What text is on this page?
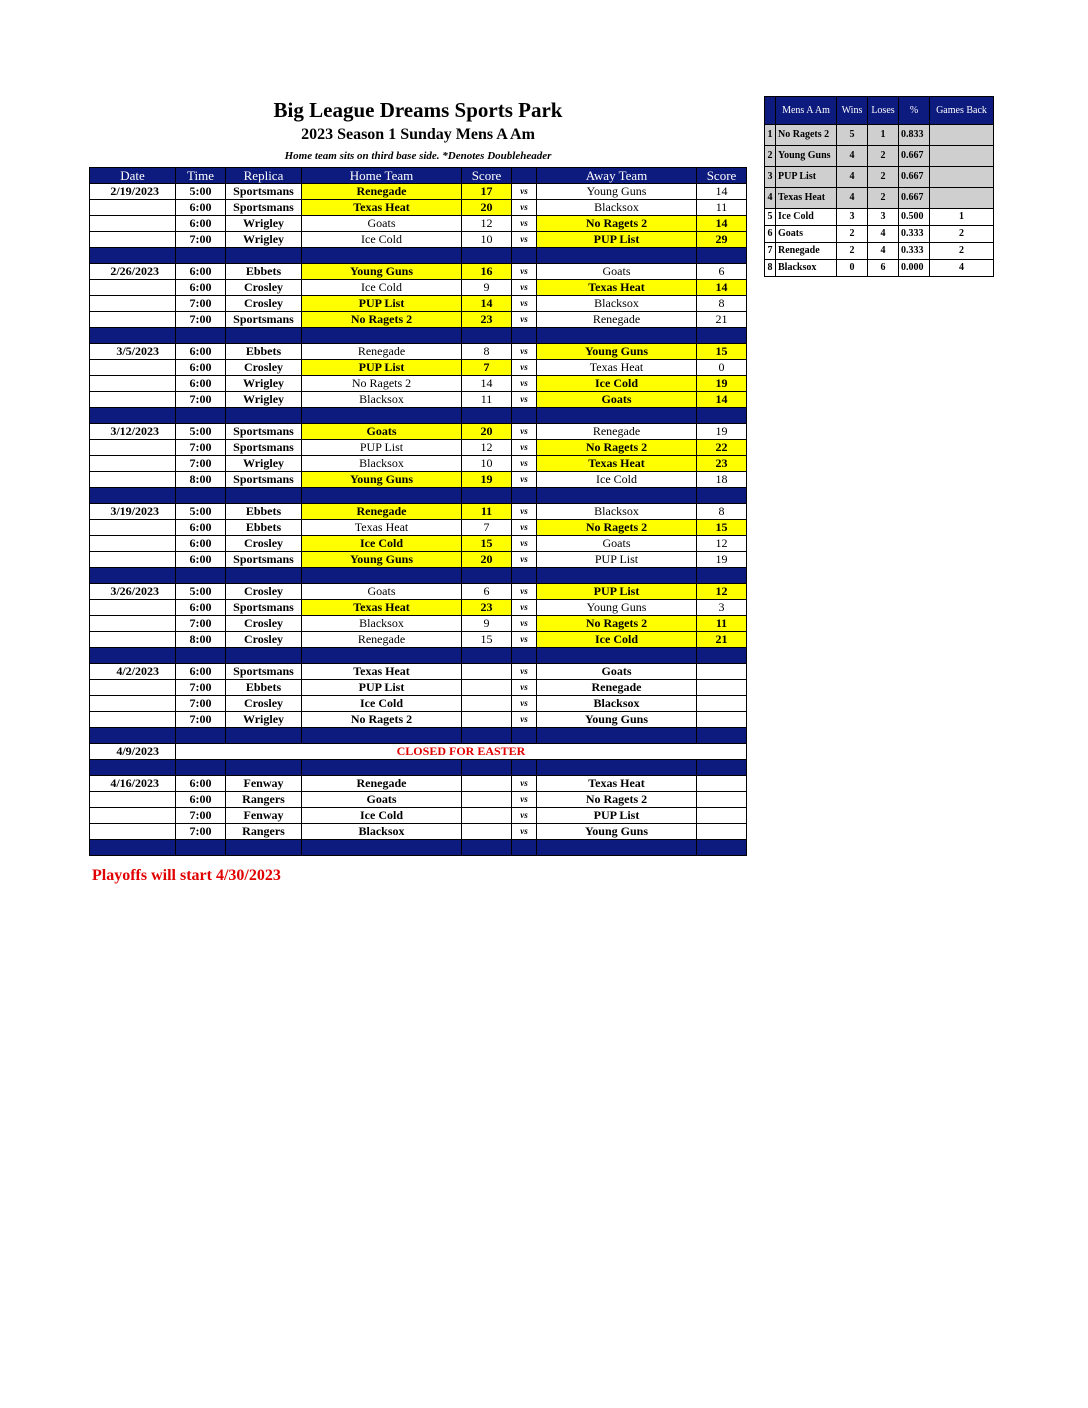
Big League Dreams Sports Park
2023 Season 1 Sunday Mens A Am
Home team sits on third base side. *Denotes Doubleheader
Date	Time	Replica	Home Team	Score		Away Team	Score
2/19/2023	5:00	Sportsmans	Renegade	17	vs	Young Guns	14
	6:00	Sportsmans	Texas Heat	20	vs	Blacksox	11
	6:00	Wrigley	Goats	12	vs	No Ragets 2	14
	7:00	Wrigley	Ice Cold	10	vs	PUP List	29

2/26/2023	6:00	Ebbets	Young Guns	16	vs	Goats	6
	6:00	Crosley	Ice Cold	9	vs	Texas Heat	14
	7:00	Crosley	PUP List	14	vs	Blacksox	8
	7:00	Sportsmans	No Ragets 2	23	vs	Renegade	21

3/5/2023	6:00	Ebbets	Renegade	8	vs	Young Guns	15
	6:00	Crosley	PUP List	7	vs	Texas Heat	0
	6:00	Wrigley	No Ragets 2	14	vs	Ice Cold	19
	7:00	Wrigley	Blacksox	11	vs	Goats	14

3/12/2023	5:00	Sportsmans	Goats	20	vs	Renegade	19
	7:00	Sportsmans	PUP List	12	vs	No Ragets 2	22
	7:00	Wrigley	Blacksox	10	vs	Texas Heat	23
	8:00	Sportsmans	Young Guns	19	vs	Ice Cold	18

3/19/2023	5:00	Ebbets	Renegade	11	vs	Blacksox	8
	6:00	Ebbets	Texas Heat	7	vs	No Ragets 2	15
	6:00	Crosley	Ice Cold	15	vs	Goats	12
	6:00	Sportsmans	Young Guns	20	vs	PUP List	19

3/26/2023	5:00	Crosley	Goats	6	vs	PUP List	12
	6:00	Sportsmans	Texas Heat	23	vs	Young Guns	3
	7:00	Crosley	Blacksox	9	vs	No Ragets 2	11
	8:00	Crosley	Renegade	15	vs	Ice Cold	21

4/2/2023	6:00	Sportsmans	Texas Heat		vs	Goats	
	7:00	Ebbets	PUP List		vs	Renegade	
	7:00	Crosley	Ice Cold		vs	Blacksox	
	7:00	Wrigley	No Ragets 2		vs	Young Guns	

4/9/2023	CLOSED FOR EASTER						

4/16/2023	6:00	Fenway	Renegade		vs	Texas Heat	
	6:00	Rangers	Goats		vs	No Ragets 2	
	7:00	Fenway	Ice Cold		vs	PUP List	
	7:00	Rangers	Blacksox		vs	Young Guns	

Playoffs will start 4/30/2023
	Mens A Am	Wins	Loses	%	Games Back
1	No Ragets 2	5	1	0.833	
2	Young Guns	4	2	0.667	
3	PUP List	4	2	0.667	
4	Texas Heat	4	2	0.667	
5	Ice Cold	3	3	0.500	1
6	Goats	2	4	0.333	2
7	Renegade	2	4	0.333	2
8	Blacksox	0	6	0.000	4
